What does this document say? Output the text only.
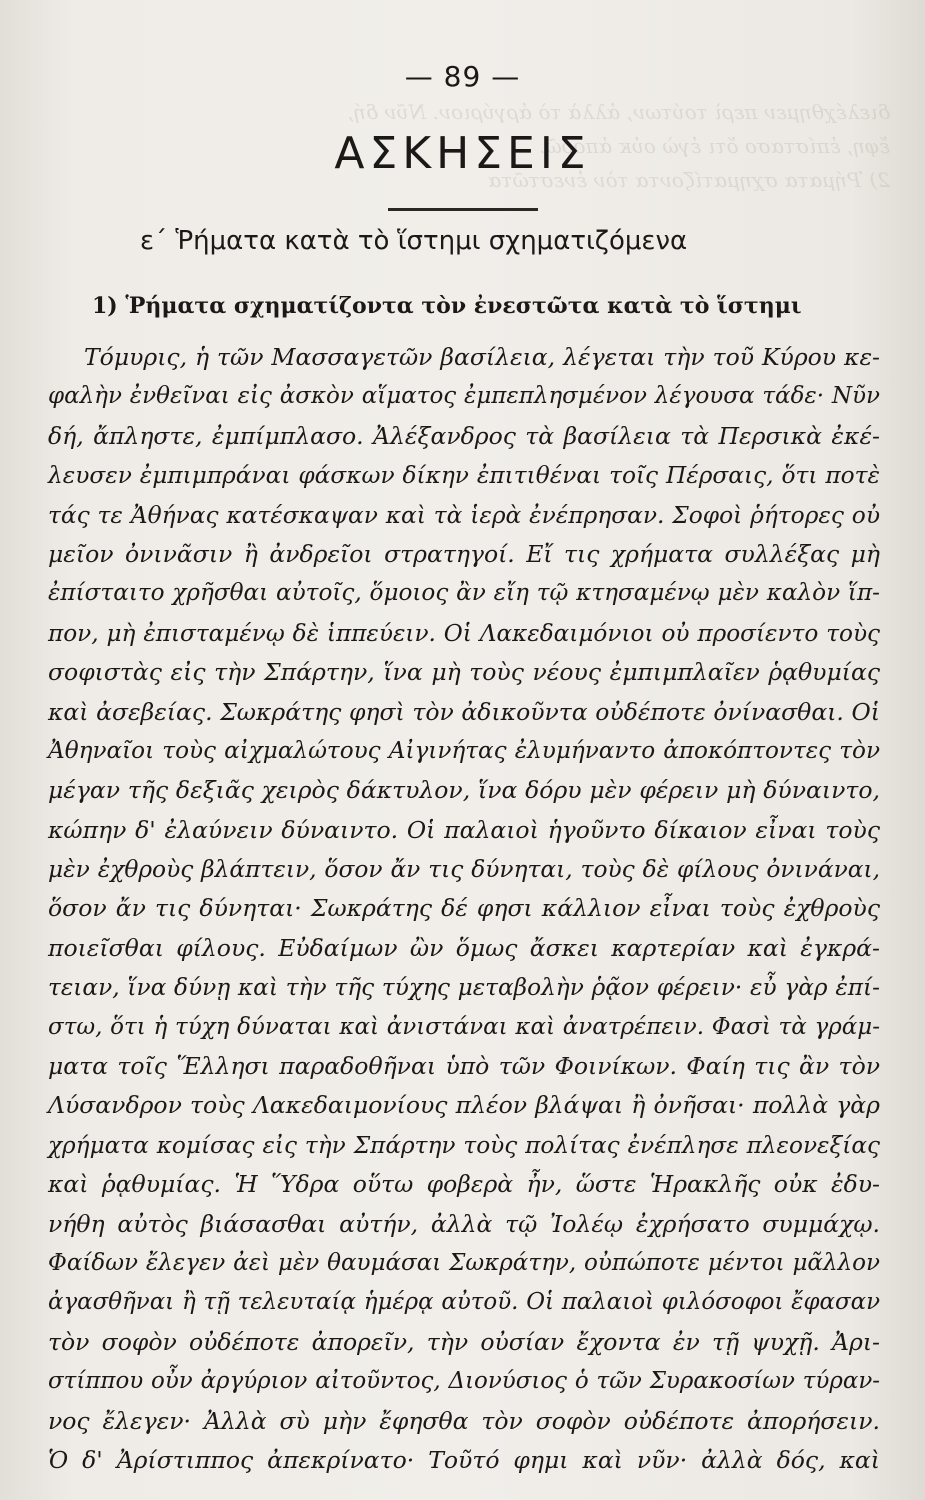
διελέχθημεν περὶ τούτων, ἀλλὰ τὸ ἀργύριον. Νῦν δή,
ἔφη, ἐπίστασο ὅτι ἐγὼ οὐκ ἀπορῶ.
2) Ῥήματα σχηματίζοντα τὸν ἐνεστῶτα
— 89 —
ΑΣΚΗΣΕΙΣ
ε΄ Ῥήματα κατὰ τὸ ἵστημι σχηματιζόμενα
1) Ῥήματα σχηματίζοντα τὸν ἐνεστῶτα κατὰ τὸ ἵστημι
Τόμυρις, ἡ τῶν Μασσαγετῶν βασίλεια, λέγεται τὴν τοῦ Κύρου κε-
φαλὴν ἐνθεῖναι εἰς ἀσκὸν αἵματος ἐμπεπλησμένον λέγουσα τάδε· Νῦν
δή, ἄπληστε, ἐμπίμπλασο. Ἀλέξανδρος τὰ βασίλεια τὰ Περσικὰ ἐκέ-
λευσεν ἐμπιμπράναι φάσκων δίκην ἐπιτιθέναι τοῖς Πέρσαις, ὅτι ποτὲ
τάς τε Ἀθήνας κατέσκαψαν καὶ τὰ ἱερὰ ἐνέπρησαν. Σοφοὶ ῥήτορες οὐ
μεῖον ὀνινᾶσιν ἢ ἀνδρεῖοι στρατηγοί. Εἴ τις χρήματα συλλέξας μὴ
ἐπίσταιτο χρῆσθαι αὐτοῖς, ὅμοιος ἂν εἴη τῷ κτησαμένῳ μὲν καλὸν ἵπ-
πον, μὴ ἐπισταμένῳ δὲ ἱππεύειν. Οἱ Λακεδαιμόνιοι οὐ προσίεντο τοὺς
σοφιστὰς εἰς τὴν Σπάρτην, ἵνα μὴ τοὺς νέους ἐμπιμπλαῖεν ῥᾳθυμίας
καὶ ἀσεβείας. Σωκράτης φησὶ τὸν ἀδικοῦντα οὐδέποτε ὀνίνασθαι. Οἱ
Ἀθηναῖοι τοὺς αἰχμαλώτους Αἰγινήτας ἐλυμήναντο ἀποκόπτοντες τὸν
μέγαν τῆς δεξιᾶς χειρὸς δάκτυλον, ἵνα δόρυ μὲν φέρειν μὴ δύναιντο,
κώπην δ' ἐλαύνειν δύναιντο. Οἱ παλαιοὶ ἡγοῦντο δίκαιον εἶναι τοὺς
μὲν ἐχθροὺς βλάπτειν, ὅσον ἄν τις δύνηται, τοὺς δὲ φίλους ὀνινάναι,
ὅσον ἄν τις δύνηται· Σωκράτης δέ φησι κάλλιον εἶναι τοὺς ἐχθροὺς
ποιεῖσθαι φίλους. Εὐδαίμων ὢν ὅμως ἄσκει καρτερίαν καὶ ἐγκρά-
τειαν, ἵνα δύνῃ καὶ τὴν τῆς τύχης μεταβολὴν ῥᾷον φέρειν· εὖ γὰρ ἐπί-
στω, ὅτι ἡ τύχη δύναται καὶ ἀνιστάναι καὶ ἀνατρέπειν. Φασὶ τὰ γράμ-
ματα τοῖς Ἕλλησι παραδοθῆναι ὑπὸ τῶν Φοινίκων. Φαίη τις ἂν τὸν
Λύσανδρον τοὺς Λακεδαιμονίους πλέον βλάψαι ἢ ὀνῆσαι· πολλὰ γὰρ
χρήματα κομίσας εἰς τὴν Σπάρτην τοὺς πολίτας ἐνέπλησε πλεονεξίας
καὶ ῥᾳθυμίας. Ἡ Ὕδρα οὕτω φοβερὰ ἦν, ὥστε Ἡρακλῆς οὐκ ἐδυ-
νήθη αὐτὸς βιάσασθαι αὐτήν, ἀλλὰ τῷ Ἰολέῳ ἐχρήσατο συμμάχῳ.
Φαίδων ἔλεγεν ἀεὶ μὲν θαυμάσαι Σωκράτην, οὐπώποτε μέντοι μᾶλλον
ἀγασθῆναι ἢ τῇ τελευταίᾳ ἡμέρᾳ αὐτοῦ. Οἱ παλαιοὶ φιλόσοφοι ἔφασαν
τὸν σοφὸν οὐδέποτε ἀπορεῖν, τὴν οὐσίαν ἔχοντα ἐν τῇ ψυχῇ. Ἀρι-
στίππου οὖν ἀργύριον αἰτοῦντος, Διονύσιος ὁ τῶν Συρακοσίων τύραν-
νος ἔλεγεν· Ἀλλὰ σὺ μὴν ἔφησθα τὸν σοφὸν οὐδέποτε ἀπορήσειν.
Ὁ δ' Ἀρίστιππος ἀπεκρίνατο· Τοῦτό φημι καὶ νῦν· ἀλλὰ δός, καὶ
